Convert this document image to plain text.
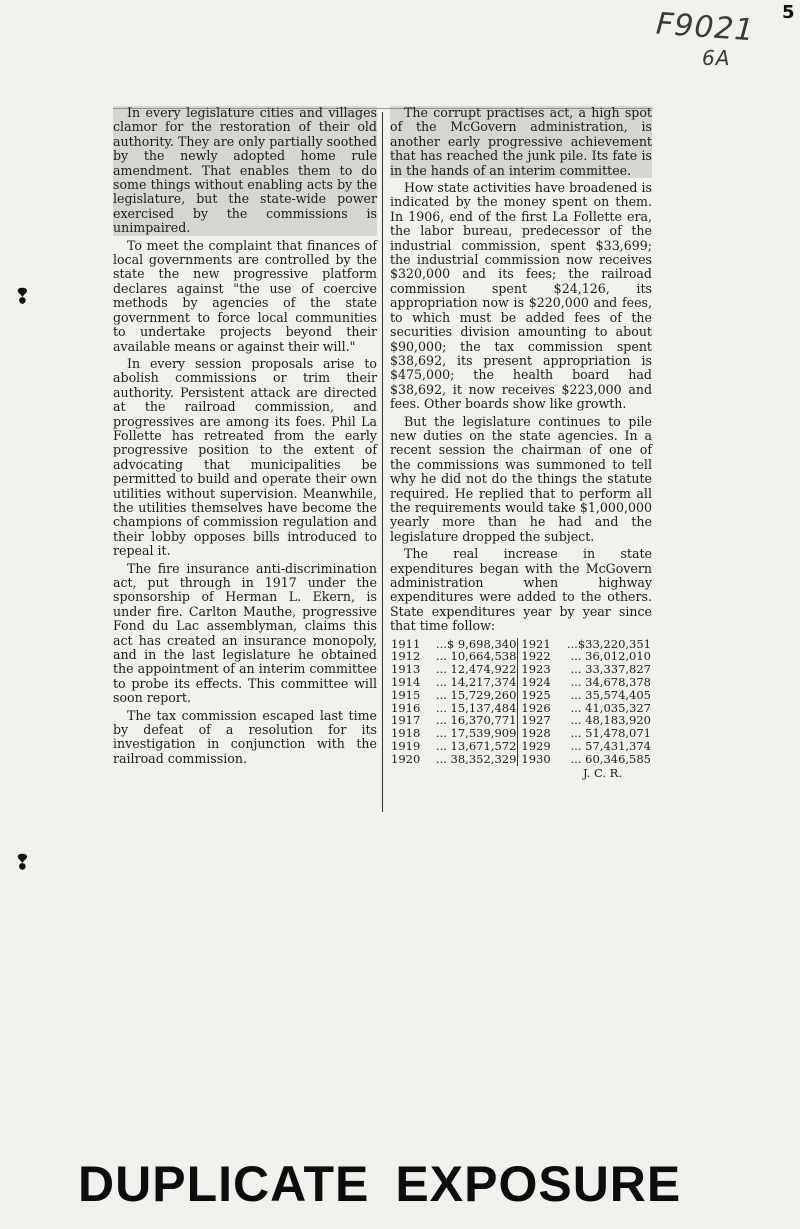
F9021
6A
5
❢
❢

In every legislature cities and villages clamor for the restoration of their old authority. They are only partially soothed by the newly adopted home rule amendment. That enables them to do some things without enabling acts by the legislature, but the state-wide power exercised by the commissions is unimpaired.

To meet the complaint that finances of local governments are controlled by the state the new progressive platform declares against "the use of coercive methods by agencies of the state government to force local communities to undertake projects beyond their available means or against their will."

In every session proposals arise to abolish commissions or trim their authority. Persistent attack are directed at the railroad commission, and progressives are among its foes. Phil La Follette has retreated from the early progressive position to the extent of advocating that municipalities be permitted to build and operate their own utilities without supervision. Meanwhile, the utilities themselves have become the champions of commission regulation and their lobby opposes bills introduced to repeal it.

The fire insurance anti-discrimination act, put through in 1917 under the sponsorship of Herman L. Ekern, is under fire. Carlton Mauthe, progressive Fond du Lac assemblyman, claims this act has created an insurance monopoly, and in the last legislature he obtained the appointment of an interim committee to probe its effects. This committee will soon report.

The tax commission escaped last time by defeat of a resolution for its investigation in conjunction with the railroad commission.

The corrupt practises act, a high spot of the McGovern administration, is another early progressive achievement that has reached the junk pile. Its fate is in the hands of an interim committee.

How state activities have broadened is indicated by the money spent on them. In 1906, end of the first La Follette era, the labor bureau, predecessor of the industrial commission, spent $33,699; the industrial commission now receives $320,000 and its fees; the railroad commission spent $24,126, its appropriation now is $220,000 and fees, to which must be added fees of the securities division amounting to about $90,000; the tax commission spent $38,692, its present appropriation is $475,000; the health board had $38,692, it now receives $223,000 and fees. Other boards show like growth.

But the legislature continues to pile new duties on the state agencies. In a recent session the chairman of one of the commissions was summoned to tell why he did not do the things the statute required. He replied that to perform all the requirements would take $1,000,000 yearly more than he had and the legislature dropped the subject.

The real increase in state expenditures began with the McGovern administration when highway expenditures were added to the others. State expenditures year by year since that time follow:

1911	...$ 9,698,340	1921	...$33,220,351
1912	... 10,664,538	1922	... 36,012,010
1913	... 12,474,922	1923	... 33,337,827
1914	... 14,217,374	1924	... 34,678,378
1915	... 15,729,260	1925	... 35,574,405
1916	... 15,137,484	1926	... 41,035,327
1917	... 16,370,771	1927	... 48,183,920
1918	... 17,539,909	1928	... 51,478,071
1919	... 13,671,572	1929	... 57,431,374
1920	... 38,352,329	1930	... 60,346,585

J. C. R.

DUPLICATE EXPOSURE
